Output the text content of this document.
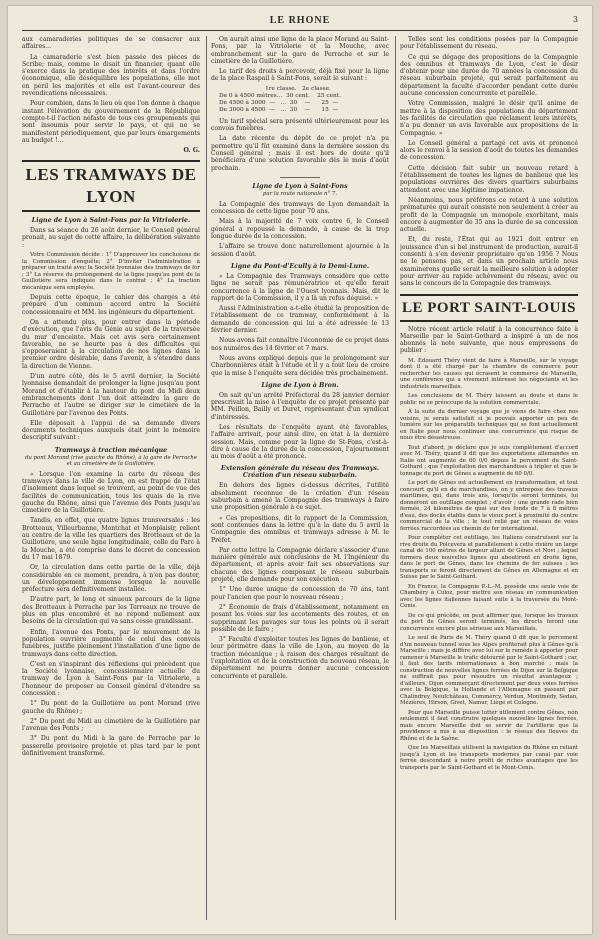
LE RHONE	3

aux camaraderies politiques de se consacrer aux affaires...

La camaraderie s'est bien passée des pièces de Scribe; mais, comme le disait un financier, quant elle s'exerce dans la pratique des intérêts et dans l'ordre économique, elle déséquilibre les populations, elle met en péril les majorités et elle est l'avant-coureur des revendications nécessaires.

Pour combien, dans le lieu où que l'on donne à chaque instant l'élévation du gouvernement de la République compte-t-il l'action néfaste de tous ces groupements qui sont insoumis pour servir le pays, et qui ne se manifestent périodiquement, que par leurs émargements au budget !...

O. G.
LES TRAMWAYS DE LYON
Ligne de Lyon à Saint-Fons par la Vitriolerie.

Dans sa séance du 26 août dernier, le Conseil général prenait, au sujet de cette affaire, la délibération suivante :

Votre Commission décide : 1° D'approuver les conclusions de la Commission d'enquête; 2° D'inviter l'administration à préparer un traité avec la Société lyonnaise des tramways de for ; 3° La réserve du prolongement de la ligne jusqu'au pont de la Guillotière sera indiquée dans le contrat ; 4° La traction mécanique sera employée.

Depuis cette époque, le cahier des charges a été préparé d'un commun accord entre la Société concessionnaire et MM. les ingénieurs du département.

On a attendu plus, pour entrer dans la période d'exécution, que l'avis du Génie au sujet de la traversée du mur d'enceinte. Mais cet avis sera certainement favorable, ne se heurte pas à des difficultés qui s'opposeraient à la circulation de nos lignes dans le premier ordre désirable, dans l'avenir, à s'étendre dans la direction de Vienne.

D'un autre côté, dès le 5 avril dernier, la Société lyonnaise demandait de prolonger la ligne jusqu'au pont Morand et d'établir à la hauteur du pont du Midi deux embranchements dont l'un doit atteindre la gare de Perrache et l'autre se diriger sur le cimetière de la Guillotière par l'avenue des Ponts.

Elle déposait à l'appui de sa demande divers documents techniques auxquels était joint le mémoire descriptif suivant :

Tramways à traction mécanique
du pont Morand (rive gauche du Rhône), à la gare de Perrache et au cimetière de la Guillotière.

« Lorsque l'on examine la carte du réseau des tramways dans la ville de Lyon, on est frappé de l'état d'isolement dans lequel se trouvent, au point de vue des facilités de communication, tous les quais de la rive gauche du Rhône, ainsi que l'avenue des Ponts jusqu'au cimetière de la Guillotière.

Tandis, en effet, que quatre lignes transversales : les Brotteaux, Villeurbanne, Montchat et Monplaisir, relient au centre de la ville les quartiers des Brotteaux et de la Guillotière, une seule ligne longitudinale, celle du Parc à la Mouche, a été comprise dans le décret de concession du 17 mai 1879.

Or, la circulation dans cette partie de la ville, déjà considérable en ce moment, prendra, à n'en pas douter, un développement immense lorsque la nouvelle préfecture sera définitivement installée.

D'autre part, le long et sinueux parcours de la ligne des Brotteaux à Perrache par les Terreaux ne trouve de plus en plus encombré et ne répond nullement aux besoins de la circulation qui va sans cesse grandissant.

Enfin, l'avenue des Ponts, par le mouvement de la population ouvrière augmenté de celui des convois funèbres, justifie pleinement l'installation d'une ligne de tramways dans cette direction.

C'est en s'inspirant des réflexions qui précèdent que la Société lyonnaise, concessionnaire actuelle du tramway de Lyon à Saint-Fons par la Vitriolerie, a l'honneur de proposer au Conseil général d'étendre sa concession :

1° Du pont de la Guillotière au pont Morand (rive gauche du Rhône) ;

2° Du pont du Midi au cimetière de la Guillotière par l'avenue des Ponts ;

3° Du pont du Midi à la gare de Perrache par le passerelle provisoire projetée et plus tard par le pont définitivement transformé.

On aurait ainsi une ligne de la place Morand au Saint-Fons, par la Vitriolerie et la Mouche, avec embranchement sur la gare de Perrache et sur le cimetière de la Guillotière.

Le tarif des droits à percevoir, déjà fixé pour la ligne de la place Raspail à Saint-Fons, serait le suivant :

1re classe.   2e classe.
De 0 à 4500 mètres...  30 cent.    25 cent.
De 4500 à 3000  —   ...  30    —      25  —
De 3000 à 4500  —   ...  30    —      15  —

Un tarif spécial sera présenté ultérieurement pour les convois funèbres.

La date récente du dépôt de ce projet n'a pu permettre qu'il fût examiné dans la dernière session du Conseil général ; mais il est hors de doute qu'il bénéficiera d'une solution favorable dès le mois d'août prochain.

Ligne de Lyon à Saint-Fons
par la route nationale n° 7.

La Compagnie des tramways de Lyon demandait la concession de cette ligne pour 70 ans.

Mais à la majorité de 7 voix contre 6, le Conseil général a repoussé la demande, à cause de la trop longue durée de la concession.

L'affaire se trouve donc naturellement ajournée à la session d'août.

Ligne du Pont-d'Ecully à la Demi-Lune.

« La Compagnie des Tramways considère que cette ligne ne serait pas rémunératrice et qu'elle ferait concurrence à la ligne de l'Ouest lyonnais. Mais, dit le rapport de la Commission, il y a là un refus déguisé. »

Aussi l'Administration a-t-elle étudié la proposition de l'établissement de ce tramway, conformément à la demande de concession qui lui a été adressée le 13 février dernier.

Nous avons fait connaître l'économie de ce projet dans nos numéros des 14 février et 7 mars.

Nous avons expliqué depuis que le prolongement sur Charbonnières était à l'étude et il y a tout lieu de croire que la mise à l'enquête sera décidée très prochainement.

Ligne de Lyon à Bron.

On sait qu'un arrêté Préfectoral du 28 janvier dernier prescrivait la mise à l'enquête de ce projet présenté par MM. Peillon, Bailly et Duret, représentant d'un syndicat d'intéressés.

Les résultats de l'enquête ayant été favorables, l'affaire arrivait, pour ainsi dire, en état à la dernière session. Mais, comme pour la ligne de St-Fons, c'est-à-dire à cause de la durée de la concession, l'ajournement au mois d'août a été prononcé.

Extension générale du réseau des Tramways. Création d'un réseau suburbain.

En dehors des lignes ci-dessus décrites, l'utilité absolument reconnue de la création d'un réseau suburbain a amené la Compagnie des tramways à faire une proposition générale à ce sujet.

« Ces propositions, dit le rapport de la Commission, sont contenues dans la lettre qu'à la date du 5 avril la Compagnie des omnibus et tramways adresse à M. le Préfet.

Par cette lettre la Compagnie déclare s'associer d'une manière générale aux conclusions de M. l'Ingénieur du département, et après avoir fait ses observations sur chacune des lignes composant le réseau suburbain projeté, elle demande pour son exécution :

1° Une durée unique de concession de 70 ans, tant pour l'ancien que pour le nouveau réseau ;

2° Économie de frais d'établissement, notamment en posant les voies sur les accotements des routes, et en supprimant les pavages sur tous les points où il serait possible de le faire ;

3° Faculté d'exploiter toutes les lignes de banlieue, et leur périmètre dans la ville de Lyon, au moyen de la traction mécanique ; à raison des charges résultant de l'exploitation et de la construction du nouveau réseau, le département ne pourra donner aucune concession concurrente et parallèle.

Telles sont les conditions posées par la Compagnie pour l'établissement du réseau.

Ce qui se dégage des propositions de la Compagnie des omnibus et tramways de Lyon, c'est le désir d'obtenir pour une durée de 70 années la concession du réseau suburbain projeté, qui serait parfaitement au département la faculté d'accorder pendant cette durée aucune concession concurrente et parallèle.

Votre Commission, malgré le désir qu'il anime de mettre à la disposition des populations du département les facilités de circulation que réclament leurs intérêts, n'a pu donner un avis favorable aux propositions de la Compagnie. »

Le Conseil général a partagé cet avis et prononcé alors le renvoi à la session d'août de toutes les demandes de concession.

Cette décision fait subir un nouveau retard à l'établissement de toutes les lignes de banlieue que les populations ouvrières des divers quartiers suburbains attendent avec une légitime impatience.

Néanmoins, nous préférons ce retard à une solution prématurée qui aurait consisté non seulement à créer au profit de la Compagnie un monopole exorbitant, mais encore à augmenter de 35 ans la durée de sa concession actuelle.

Et, du reste, l'État qui au 1921 doit entrer en jouissance d'un si bel instrument de production, aurait-il consenti à s'en devenir propriétaire qu'en 1956 ? Nous ne le pensons pas, et dans un prochain article nous examinerons quelle serait la meilleure solution à adopter pour arriver au rapide achèvement du réseau, avec ou sans le concours de la Compagnie des tramways.

LE PORT SAINT-LOUIS

Notre récent article relatif à la concurrence faite à Marseille par le Saint-Gothard a inspiré à un de nos abonnés la note suivante, que nous empressons de publier :

M. Édouard Théry vient de faire à Marseille, sur le voyage dont il a été chargé par la chambre de commerce pour rechercher les causes qui écrasent le commerce de Marseille, une conférence qui a vivement intéressé les négociants et les industriels marseillais.

Les conclusions de M. Théry laissent au doute et dans le public ne se préoccupe de la solution commerciale.

À la suite du dernier voyage que je viens de faire chez nos voisins, je serais satisfait si je pouvais apporter un peu de lumière sur les préparatifs techniques qui se font actuellement en Italie pour nous continuer une concurrence qui risque de nous être désastreuse.

Tout d'abord, je déclare que je suis complètement d'accord avec M. Théry, quand il dit que les exportations allemandes en Italie ont augmenté de 60 0/0 depuis le percement du Saint-Gothard ; que l'exploitation des marchandises à tripler et que le tonnage du port de Gênes a augmenté de 60 0/0.

Le port de Gênes est actuellement en transformation, et tout concourt qu'il en de marchandises, on y entrepose des travaux maritimes, qui, dans trois ans, lorsqu'ils seront terminés, lui donneront un outillage complet ; d'avoir ; une grande rade bien fermée, 24 kilomètres de quai sur des fonds de 7 à 8 mètres d'eau, des docks établis dans le vieux port à proximité du centre commercial de la ville ; le tout relié par un réseau de voies ferrées raccordées au chemin de fer international.

Pour compléter cet outillage, les Italiens construisent sur la rive droite du Polcevera et parallèlement à cette rivière un large canal de 100 mètres de largeur allant de Gênes et Novi ; lequel formera deux nouvelles lignes qui aboutiront en droite ligne, dans le port de Gênes, dans les chemins de fer suisses ; les transports se feront directement de Gênes en Allemagne et en Suisse par le Saint-Gothard.

En France, la Compagnie P.-L.-M. possède une seule voie de Chambéry à Culoz, pour mettre son réseau en communication avec les lignes italiennes faisant suite à la traversée du Mont-Cenis.

De ce qui précède, on peut affirmer que, lorsque les travaux du port de Gênes seront terminés, les directs feront une concurrence encore plus sérieuse aux Marseillais.

Le seul de Paris de M. Théry quand il dit que le percement d'un nouveau tunnel sous les Alpes profiterait plus à Gênes qu'à Marseille : mais je diffère avec lui sur le remède à apporter pour ramener à Marseille le trafic détourné par le Saint-Gothard ; car, il faut des tarifs internationaux à bon marché ; mais la construction de nouvelles lignes ferrées de Dijon sur la Belgique ne suffirait pas pour résoudre un résultat avantageux ; d'ailleurs, Dijon commerçant directement par deux voies ferrées avec la Belgique, la Hollande et l'Allemagne en passant par Chalindrey, Neufchâteau, Commercy, Verdun, Montmédy, Sedan, Mézières, Hirson, Givet, Namur, Liège et Cologne.

Pour que Marseille puisse lutter utilement contre Gênes, non seulement il faut construire quelques nouvelles lignes ferrées, mais encore Marseille doit se servir de l'artillerie que la providence a mis à sa disposition : le réseau des fleuves du Rhône et de la Saône.

Que les Marseillais utilisent la navigation du Rhône en reliant jusqu'à Lyon et les transports modernes par canal par voie ferrée descendant à notre profit de riches avantages que les transports par le Saint-Gothard et le Mont-Cenis.
